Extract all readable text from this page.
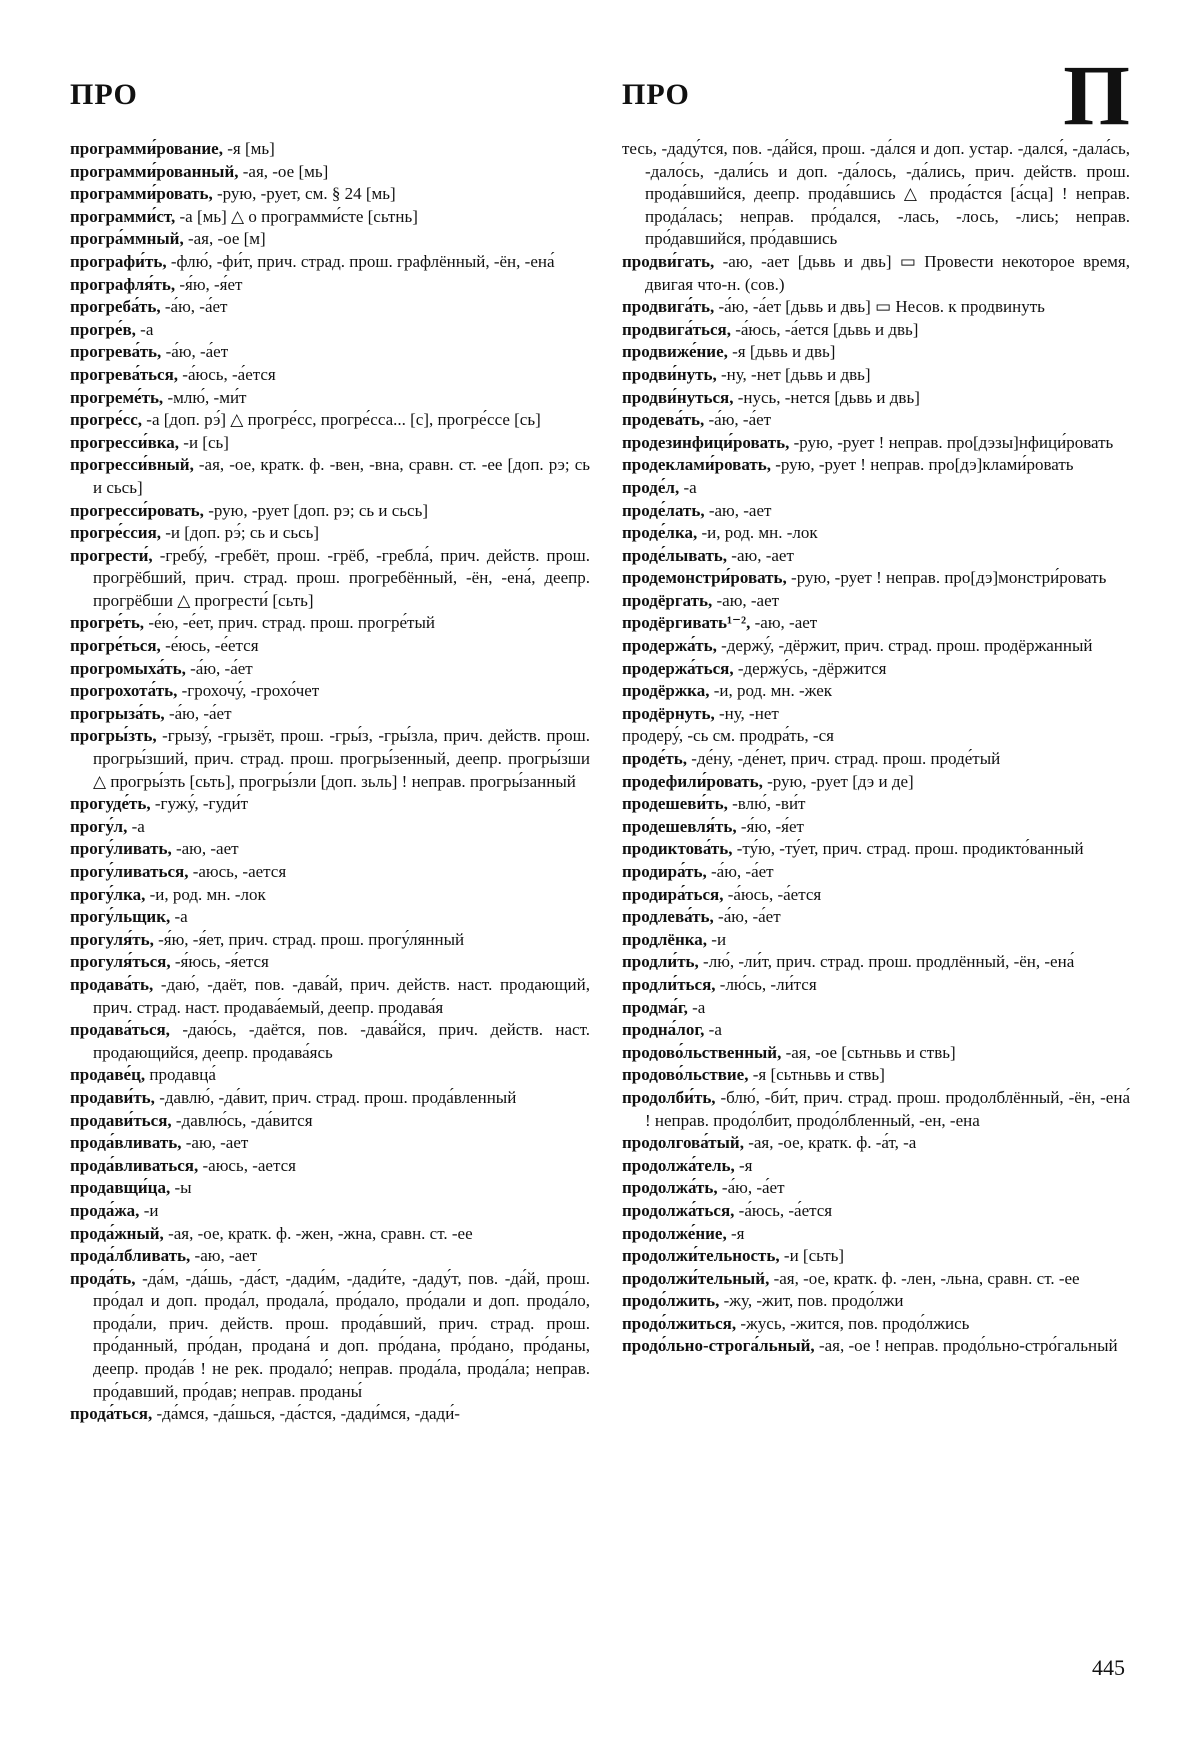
ПРО	ПРО	П

программи́рование, -я [мь]

программи́рованный, -ая, -ое [мь]

программи́ровать, -рую, -рует, см. § 24 [мь]

программи́ст, -а [мь] △ о программи́сте [сьтнь]

програ́ммный, -ая, -ое [м]

прографи́ть, -флю́, -фи́т, прич. страд. прош. графлённый, -ён, -ена́

прографля́ть, -я́ю, -я́ет

прогреба́ть, -а́ю, -а́ет

прогре́в, -а

прогрева́ть, -а́ю, -а́ет

прогрева́ться, -а́юсь, -а́ется

прогреме́ть, -млю́, -ми́т

прогре́сс, -а [доп. рэ́] △ прогре́сс, прогре́сса... [с], прогре́ссе [сь]

прогресси́вка, -и [сь]

прогресси́вный, -ая, -ое, кратк. ф. -вен, -вна, сравн. ст. -ее [доп. рэ; сь и сьсь]

прогресси́ровать, -рую, -рует [доп. рэ; сь и сьсь]

прогре́ссия, -и [доп. рэ́; сь и сьсь]

прогрести́, -гребу́, -гребёт, прош. -грёб, -гребла́, прич. действ. прош. прогрёбший, прич. страд. прош. прогребённый, -ён, -ена́, деепр. прогрёбши △ прогрести́ [сьть]

прогре́ть, -е́ю, -е́ет, прич. страд. прош. прогре́тый

прогре́ться, -е́юсь, -е́ется

прогромыха́ть, -а́ю, -а́ет

прогрохота́ть, -грохочу́, -грохо́чет

прогрыза́ть, -а́ю, -а́ет

прогры́зть, -грызу́, -грызёт, прош. -гры́з, -гры́зла, прич. действ. прош. прогры́зший, прич. страд. прош. прогры́зенный, деепр. прогры́зши △ прогры́зть [сьть], прогры́зли [доп. зьль] ! неправ. прогры́занный

прогуде́ть, -гужу́, -гуди́т

прогу́л, -а

прогу́ливать, -аю, -ает

прогу́ливаться, -аюсь, -ается

прогу́лка, -и, род. мн. -лок

прогу́льщик, -а

прогуля́ть, -я́ю, -я́ет, прич. страд. прош. прогу́лянный

прогуля́ться, -я́юсь, -я́ется

продава́ть, -даю́, -даёт, пов. -дава́й, прич. действ. наст. продающий, прич. страд. наст. продава́емый, деепр. продава́я

продава́ться, -даю́сь, -даётся, пов. -дава́йся, прич. действ. наст. продающийся, деепр. продава́ясь

продаве́ц, продавца́

продави́ть, -давлю́, -да́вит, прич. страд. прош. прода́вленный

продави́ться, -давлю́сь, -да́вится

прода́вливать, -аю, -ает

прода́вливаться, -аюсь, -ается

продавщи́ца, -ы

прода́жа, -и

прода́жный, -ая, -ое, кратк. ф. -жен, -жна, сравн. ст. -ее

прода́лбливать, -аю, -ает

прода́ть, -да́м, -да́шь, -да́ст, -дади́м, -дади́те, -даду́т, пов. -да́й, прош. про́дал и доп. прода́л, продала́, про́дало, про́дали и доп. прода́ло, прода́ли, прич. действ. прош. прода́вший, прич. страд. прош. про́данный, про́дан, продана́ и доп. про́дана, про́дано, про́даны, деепр. прода́в ! не рек. продало́; неправ. прода́ла, прода́ла; неправ. про́давший, про́дав; неправ. проданы́

прода́ться, -да́мся, -да́шься, -да́стся, -дади́мся, -дади́-

тесь, -даду́тся, пов. -да́йся, прош. -да́лся и доп. устар. -дался́, -дала́сь, -дало́сь, -дали́сь и доп. -да́лось, -да́лись, прич. действ. прош. прода́вшийся, деепр. прода́вшись △ прода́стся [а́сца] ! неправ. прода́лась; неправ. про́дался, -лась, -лось, -лись; неправ. про́давшийся, про́давшись

продви́гать, -аю, -ает [дьвь и двь] ▭ Провести некоторое время, двигая что-н. (сов.)

продвига́ть, -а́ю, -а́ет [дьвь и двь] ▭ Несов. к продвинуть

продвига́ться, -а́юсь, -а́ется [дьвь и двь]

продвиже́ние, -я [дьвь и двь]

продви́нуть, -ну, -нет [дьвь и двь]

продви́нуться, -нусь, -нется [дьвь и двь]

продева́ть, -а́ю, -а́ет

продезинфици́ровать, -рую, -рует ! неправ. про[дэзы]нфици́ровать

продеклами́ровать, -рую, -рует ! неправ. про[дэ]клами́ровать

проде́л, -а

проде́лать, -аю, -ает

проде́лка, -и, род. мн. -лок

проде́лывать, -аю, -ает

продемонстри́ровать, -рую, -рует ! неправ. про[дэ]монстри́ровать

продёргать, -аю, -ает

продёргивать¹⁻², -аю, -ает

продержа́ть, -держу́, -дёржит, прич. страд. прош. продёржанный

продержа́ться, -держу́сь, -дёржится

продёржка, -и, род. мн. -жек

продёрнуть, -ну, -нет

продеру́, -сь см. продра́ть, -ся

проде́ть, -де́ну, -де́нет, прич. страд. прош. проде́тый

продефили́ровать, -рую, -рует [дэ и де]

продешеви́ть, -влю́, -ви́т

продешевля́ть, -я́ю, -я́ет

продиктова́ть, -ту́ю, -ту́ет, прич. страд. прош. продикто́ванный

продира́ть, -а́ю, -а́ет

продира́ться, -а́юсь, -а́ется

продлева́ть, -а́ю, -а́ет

продлёнка, -и

продли́ть, -лю́, -ли́т, прич. страд. прош. продлённый, -ён, -ена́

продли́ться, -лю́сь, -ли́тся

продма́г, -а

продна́лог, -а

продово́льственный, -ая, -ое [сьтньвь и ствь]

продово́льствие, -я [сьтньвь и ствь]

продолби́ть, -блю́, -би́т, прич. страд. прош. продолблённый, -ён, -ена́ ! неправ. продо́лбит, продо́лбленный, -ен, -ена

продолгова́тый, -ая, -ое, кратк. ф. -а́т, -а

продолжа́тель, -я

продолжа́ть, -а́ю, -а́ет

продолжа́ться, -а́юсь, -а́ется

продолже́ние, -я

продолжи́тельность, -и [сьть]

продолжи́тельный, -ая, -ое, кратк. ф. -лен, -льна, сравн. ст. -ее

продо́лжить, -жу, -жит, пов. продо́лжи

продо́лжиться, -жусь, -жится, пов. продо́лжись

продо́льно-строга́льный, -ая, -ое ! неправ. продо́льно-стро́гальный

445
